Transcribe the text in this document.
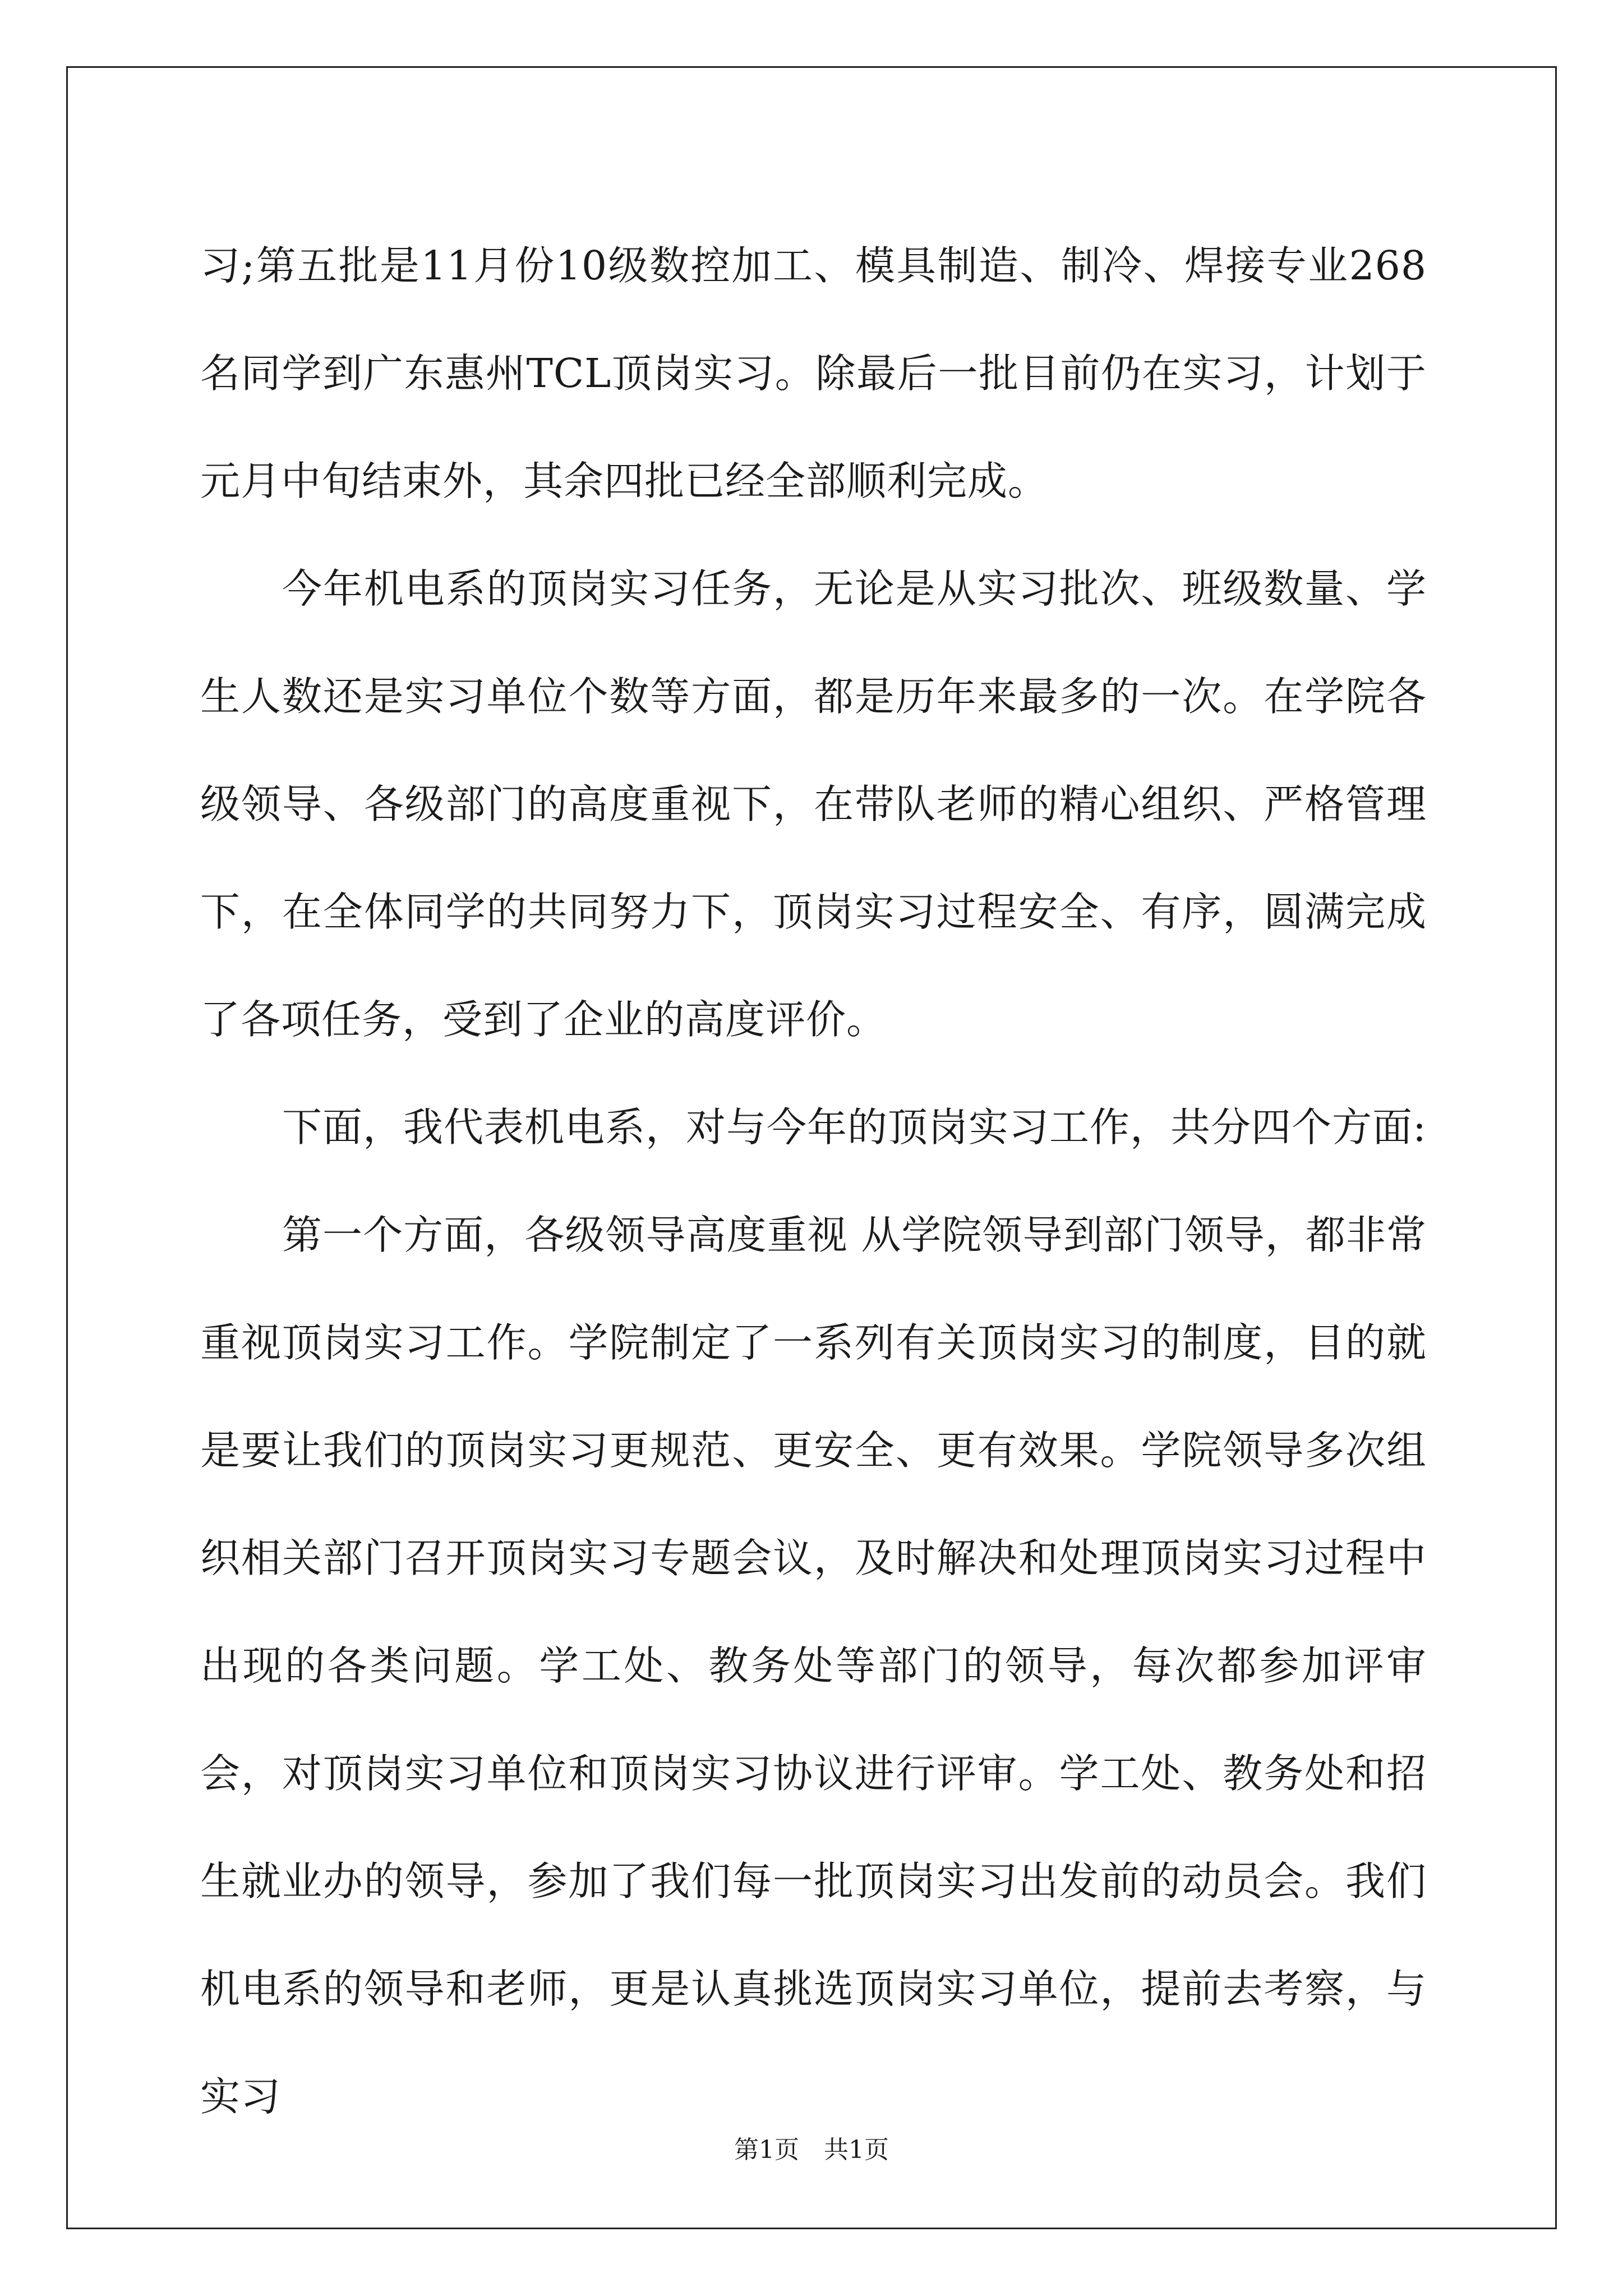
习;第五批是11月份10级数控加工、模具制造、制冷、焊接专业268名同学到广东惠州TCL顶岗实习。除最后一批目前仍在实习，计划于元月中旬结束外，其余四批已经全部顺利完成。

今年机电系的顶岗实习任务，无论是从实习批次、班级数量、学生人数还是实习单位个数等方面，都是历年来最多的一次。在学院各级领导、各级部门的高度重视下，在带队老师的精心组织、严格管理下，在全体同学的共同努力下，顶岗实习过程安全、有序，圆满完成了各项任务，受到了企业的高度评价。

下面，我代表机电系，对与今年的顶岗实习工作，共分四个方面:

第一个方面，各级领导高度重视 从学院领导到部门领导，都非常重视顶岗实习工作。学院制定了一系列有关顶岗实习的制度，目的就是要让我们的顶岗实习更规范、更安全、更有效果。学院领导多次组织相关部门召开顶岗实习专题会议，及时解决和处理顶岗实习过程中出现的各类问题。学工处、教务处等部门的领导，每次都参加评审会，对顶岗实习单位和顶岗实习协议进行评审。学工处、教务处和招生就业办的领导，参加了我们每一批顶岗实习出发前的动员会。我们机电系的领导和老师，更是认真挑选顶岗实习单位，提前去考察，与实习

第1页 共1页
